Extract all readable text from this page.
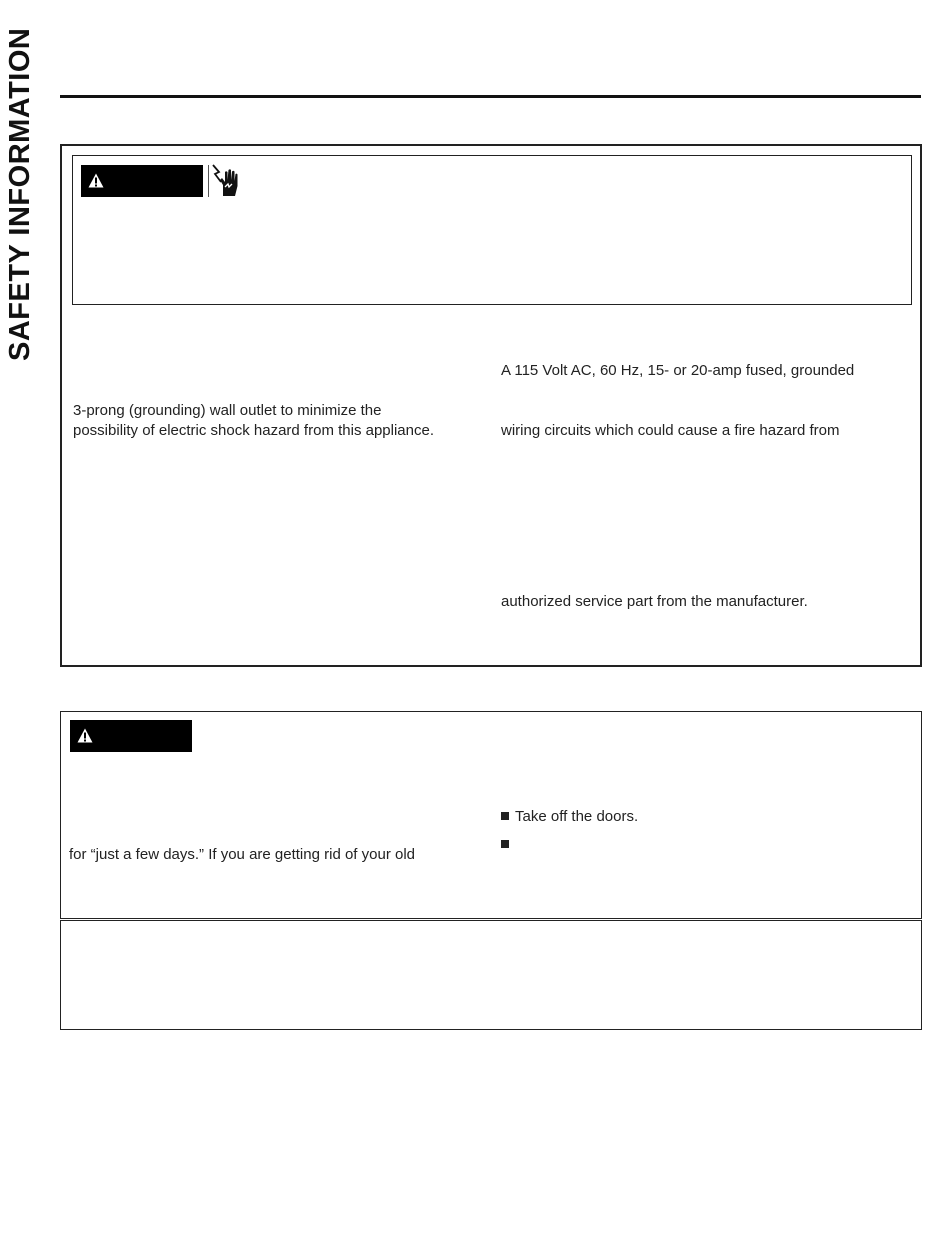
SAFETY INFORMATION
3-prong (grounding) wall outlet to minimize the
possibility of electric shock hazard from this appliance.
A 115 Volt AC, 60 Hz, 15- or 20-amp fused, grounded
wiring circuits which could cause a fire hazard from
authorized service part from the manufacturer.
for “just a few days.” If you are getting rid of your old
Take off the doors.
